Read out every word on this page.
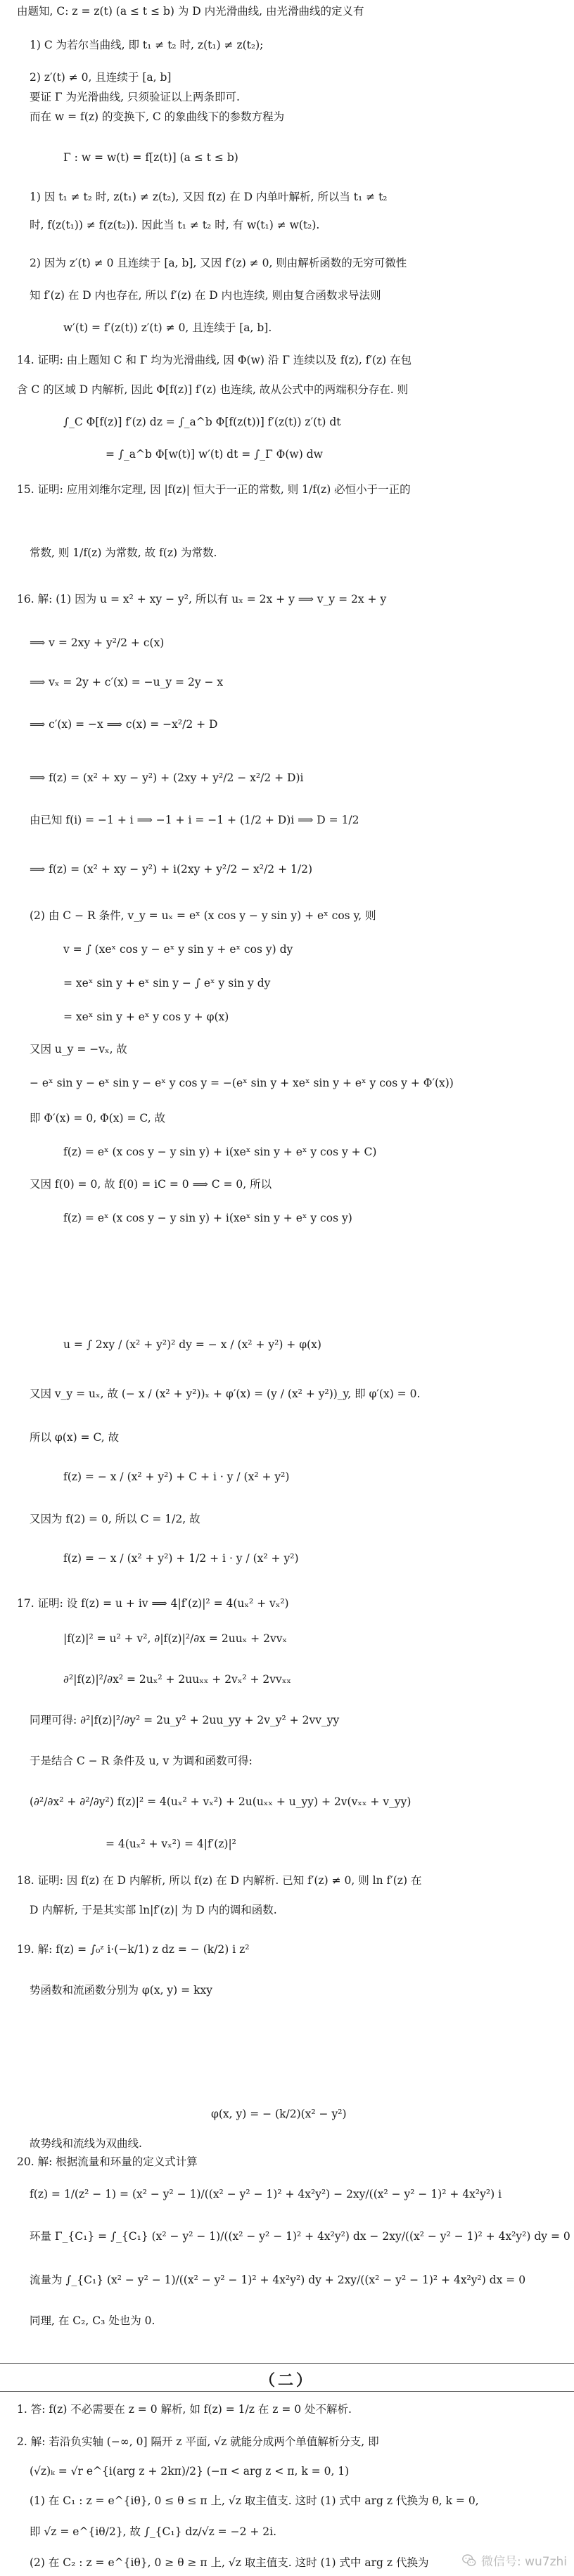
（二）
微信号: wu7zhi
由题知, C: z = z(t) (a ≤ t ≤ b) 为 D 内光滑曲线, 由光滑曲线的定义有
1) C 为若尔当曲线, 即 t₁ ≠ t₂ 时, z(t₁) ≠ z(t₂);
2) z′(t) ≠ 0, 且连续于 [a, b]
要证 Γ 为光滑曲线, 只须验证以上两条即可.
而在 w = f(z) 的变换下, C 的象曲线下的参数方程为
Γ : w = w(t) = f[z(t)] (a ≤ t ≤ b)
1) 因 t₁ ≠ t₂ 时, z(t₁) ≠ z(t₂), 又因 f(z) 在 D 内单叶解析, 所以当 t₁ ≠ t₂
时, f(z(t₁)) ≠ f(z(t₂)). 因此当 t₁ ≠ t₂ 时, 有 w(t₁) ≠ w(t₂).
2) 因为 z′(t) ≠ 0 且连续于 [a, b], 又因 f′(z) ≠ 0, 则由解析函数的无穷可微性
知 f′(z) 在 D 内也存在, 所以 f′(z) 在 D 内也连续, 则由复合函数求导法则
w′(t) = f′(z(t)) z′(t) ≠ 0, 且连续于 [a, b].
14. 证明: 由上题知 C 和 Γ 均为光滑曲线, 因 Φ(w) 沿 Γ 连续以及 f(z), f′(z) 在包
含 C 的区域 D 内解析, 因此 Φ[f(z)] f′(z) 也连续, 故从公式中的两端积分存在. 则
∫_C Φ[f(z)] f′(z) dz = ∫_a^b Φ[f(z(t))] f′(z(t)) z′(t) dt
= ∫_a^b Φ[w(t)] w′(t) dt = ∫_Γ Φ(w) dw
15. 证明: 应用刘维尔定理, 因 |f(z)| 恒大于一正的常数, 则 1/f(z) 必恒小于一正的
常数, 则 1/f(z) 为常数, 故 f(z) 为常数.
16. 解: (1) 因为 u = x² + xy − y², 所以有 uₓ = 2x + y ⟹ v_y = 2x + y
⟹ v = 2xy + y²/2 + c(x)
⟹ vₓ = 2y + c′(x) = −u_y = 2y − x
⟹ c′(x) = −x ⟹ c(x) = −x²/2 + D
⟹ f(z) = (x² + xy − y²) + (2xy + y²/2 − x²/2 + D)i
由已知 f(i) = −1 + i ⟹ −1 + i = −1 + (1/2 + D)i ⟹ D = 1/2
⟹ f(z) = (x² + xy − y²) + i(2xy + y²/2 − x²/2 + 1/2)
(2) 由 C − R 条件, v_y = uₓ = eˣ (x cos y − y sin y) + eˣ cos y, 则
v = ∫ (xeˣ cos y − eˣ y sin y + eˣ cos y) dy
= xeˣ sin y + eˣ sin y − ∫ eˣ y sin y dy
= xeˣ sin y + eˣ y cos y + φ(x)
又因 u_y = −vₓ, 故
− eˣ sin y − eˣ sin y − eˣ y cos y = −(eˣ sin y + xeˣ sin y + eˣ y cos y + Φ′(x))
即 Φ′(x) = 0, Φ(x) = C, 故
f(z) = eˣ (x cos y − y sin y) + i(xeˣ sin y + eˣ y cos y + C)
又因 f(0) = 0, 故 f(0) = iC = 0 ⟹ C = 0, 所以
f(z) = eˣ (x cos y − y sin y) + i(xeˣ sin y + eˣ y cos y)
u = ∫ 2xy / (x² + y²)² dy = − x / (x² + y²) + φ(x)
又因 v_y = uₓ, 故 (− x / (x² + y²))ₓ + φ′(x) = (y / (x² + y²))_y, 即 φ′(x) = 0.
所以 φ(x) = C, 故
f(z) = − x / (x² + y²) + C + i · y / (x² + y²)
又因为 f(2) = 0, 所以 C = 1/2, 故
f(z) = − x / (x² + y²) + 1/2 + i · y / (x² + y²)
17. 证明: 设 f(z) = u + iv ⟹ 4|f′(z)|² = 4(uₓ² + vₓ²)
|f(z)|² = u² + v², ∂|f(z)|²/∂x = 2uuₓ + 2vvₓ
∂²|f(z)|²/∂x² = 2uₓ² + 2uuₓₓ + 2vₓ² + 2vvₓₓ
同理可得: ∂²|f(z)|²/∂y² = 2u_y² + 2uu_yy + 2v_y² + 2vv_yy
于是结合 C − R 条件及 u, v 为调和函数可得:
(∂²/∂x² + ∂²/∂y²) f(z)|² = 4(uₓ² + vₓ²) + 2u(uₓₓ + u_yy) + 2v(vₓₓ + v_yy)
= 4(uₓ² + vₓ²) = 4|f′(z)|²
18. 证明: 因 f(z) 在 D 内解析, 所以 f(z) 在 D 内解析. 已知 f′(z) ≠ 0, 则 ln f′(z) 在
D 内解析, 于是其实部 ln|f′(z)| 为 D 内的调和函数.
19. 解: f(z) = ∫₀ᶻ i·(−k/1) z dz = − (k/2) i z²
势函数和流函数分别为 φ(x, y) = kxy
φ(x, y) = − (k/2)(x² − y²)
故势线和流线为双曲线.
20. 解: 根据流量和环量的定义式计算
f(z) = 1/(z² − 1) = (x² − y² − 1)/((x² − y² − 1)² + 4x²y²) − 2xy/((x² − y² − 1)² + 4x²y²) i
环量 Γ_{C₁} = ∫_{C₁} (x² − y² − 1)/((x² − y² − 1)² + 4x²y²) dx − 2xy/((x² − y² − 1)² + 4x²y²) dy = 0
流量为 ∫_{C₁} (x² − y² − 1)/((x² − y² − 1)² + 4x²y²) dy + 2xy/((x² − y² − 1)² + 4x²y²) dx = 0
同理, 在 C₂, C₃ 处也为 0.
1. 答: f(z) 不必需要在 z = 0 解析, 如 f(z) = 1/z 在 z = 0 处不解析.
2. 解: 若沿负实轴 (−∞, 0] 隔开 z 平面, √z 就能分成两个单值解析分支, 即
(√z)ₖ = √r e^{i(arg z + 2kπ)/2} (−π < arg z < π, k = 0, 1)
(1) 在 C₁ : z = e^{iθ}, 0 ≤ θ ≤ π 上, √z 取主值支. 这时 (1) 式中 arg z 代换为 θ, k = 0,
即 √z = e^{iθ/2}, 故 ∫_{C₁} dz/√z = −2 + 2i.
(2) 在 C₂ : z = e^{iθ}, 0 ≥ θ ≥ π 上, √z 取主值支. 这时 (1) 式中 arg z 代换为
